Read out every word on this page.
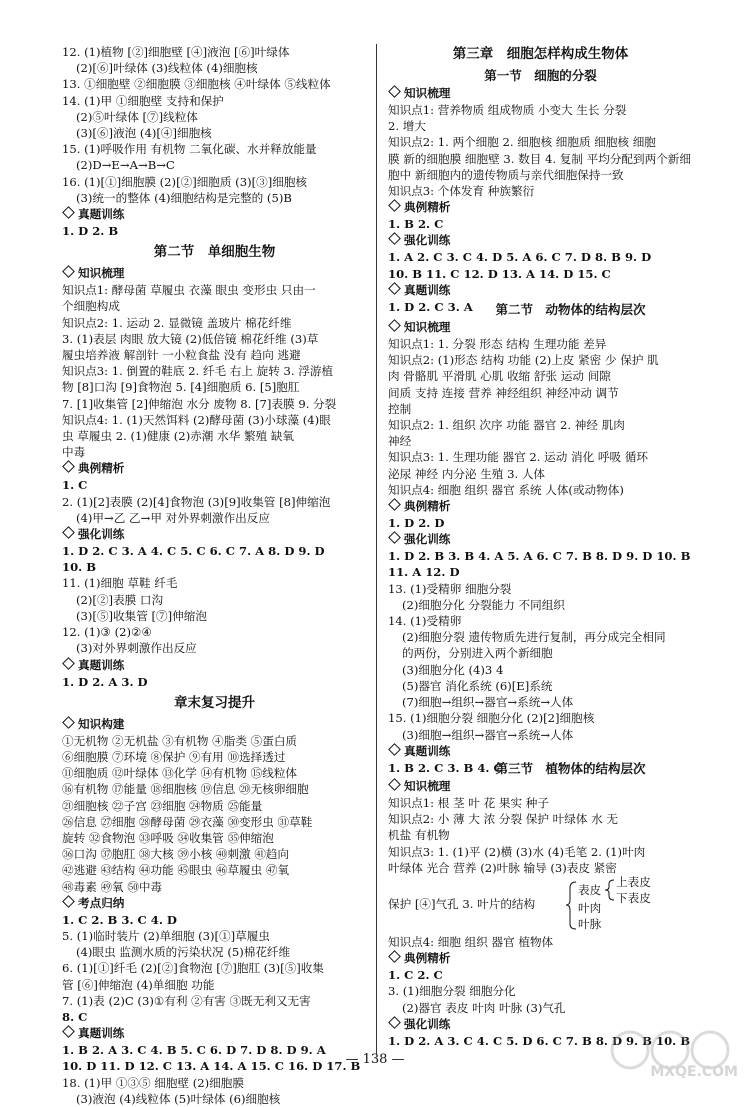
12. (1)植物 [②]细胞壁 [④]液泡 [⑥]叶绿体
(2)[⑥]叶绿体 (3)线粒体 (4)细胞核
13. ①细胞壁 ②细胞膜 ③细胞核 ④叶绿体 ⑤线粒体
14. (1)甲 ①细胞壁 支持和保护
(2)⑤叶绿体 [⑦]线粒体
(3)[⑥]液泡 (4)[④]细胞核
15. (1)呼吸作用 有机物 二氧化碳、水并释放能量
(2)D→E→A→B→C
16. (1)[①]细胞膜 (2)[②]细胞质 (3)[③]细胞核
(3)统一的整体 (4)细胞结构是完整的 (5)B
真题训练
1. D 2. B
第二节　单细胞生物
知识梳理
知识点1: 酵母菌 草履虫 衣藻 眼虫 变形虫 只由一
个细胞构成
知识点2: 1. 运动 2. 显微镜 盖玻片 棉花纤维
3. (1)表层 肉眼 放大镜 (2)低倍镜 棉花纤维 (3)草
履虫培养液 解剖针 一小粒食盐 没有 趋向 逃避
知识点3: 1. 倒置的鞋底 2. 纤毛 右上 旋转 3. 浮游植
物 [8]口沟 [9]食物泡 5. [4]细胞质 6. [5]胞肛
7. [1]收集管 [2]伸缩泡 水分 废物 8. [7]表膜 9. 分裂
知识点4: 1. (1)天然饵料 (2)酵母菌 (3)小球藻 (4)眼
虫 草履虫 2. (1)健康 (2)赤潮 水华 繁殖 缺氧
中毒
典例精析
1. C
2. (1)[2]表膜 (2)[4]食物泡 (3)[9]收集管 [8]伸缩泡
(4)甲→乙 乙→甲 对外界刺激作出反应
强化训练
1. D 2. C 3. A 4. C 5. C 6. C 7. A 8. D 9. D
10. B
11. (1)细胞 草鞋 纤毛
(2)[②]表膜 口沟
(3)[⑤]收集管 [⑦]伸缩泡
12. (1)③ (2)②④
(3)对外界刺激作出反应
真题训练
1. D 2. A 3. D
章末复习提升
知识构建
①无机物 ②无机盐 ③有机物 ④脂类 ⑤蛋白质
⑥细胞膜 ⑦环境 ⑧保护 ⑨有用 ⑩选择透过
⑪细胞质 ⑫叶绿体 ⑬化学 ⑭有机物 ⑮线粒体
⑯有机物 ⑰能量 ⑱细胞核 ⑲信息 ⑳无核卵细胞
㉑细胞核 ㉒子宫 ㉓细胞 ㉔物质 ㉕能量
㉖信息 ㉗细胞 ㉘酵母菌 ㉙衣藻 ㉚变形虫 ㉛草鞋
旋转 ㉜食物泡 ㉝呼吸 ㉞收集管 ㉟伸缩泡
㊱口沟 ㊲胞肛 ㊳大核 ㊴小核 ㊵刺激 ㊶趋向
㊷逃避 ㊸结构 ㊹功能 ㊺眼虫 ㊻草履虫 ㊼氧
㊽毒素 ㊾氧 ㊿中毒
考点归纳
1. C 2. B 3. C 4. D
5. (1)临时装片 (2)单细胞 (3)[①]草履虫
(4)眼虫 监测水质的污染状况 (5)棉花纤维
6. (1)[①]纤毛 (2)[②]食物泡 [⑦]胞肛 (3)[⑤]收集
管 [⑥]伸缩泡 (4)单细胞 功能
7. (1)表 (2)C (3)①有利 ②有害 ③既无利又无害
8. C
真题训练
1. B 2. A 3. C 4. B 5. C 6. D 7. D 8. D 9. A
10. D 11. D 12. C 13. A 14. A 15. C 16. D 17. B
18. (1)甲 ①③⑤ 细胞壁 (2)细胞膜
(3)液泡 (4)线粒体 (5)叶绿体 (6)细胞核
第三章　细胞怎样构成生物体
第一节　细胞的分裂
知识梳理
知识点1: 营养物质 组成物质 小变大 生长 分裂
2. 增大
知识点2: 1. 两个细胞 2. 细胞核 细胞质 细胞核 细胞
膜 新的细胞膜 细胞壁 3. 数目 4. 复制 平均分配到两个新细
胞中 新细胞内的遗传物质与亲代细胞保持一致
知识点3: 个体发育 种族繁衍
典例精析
1. B 2. C
强化训练
1. A 2. C 3. C 4. D 5. A 6. C 7. D 8. B 9. D
10. B 11. C 12. D 13. A 14. D 15. C
真题训练
1. D 2. C 3. A	第二节　动物体的结构层次
知识梳理
知识点1: 1. 分裂 形态 结构 生理功能 差异
知识点2: (1)形态 结构 功能 (2)上皮 紧密 少 保护 肌
肉 骨骼肌 平滑肌 心肌 收缩 舒张 运动 间隙
间质 支持 连接 营养 神经组织 神经冲动 调节
控制
知识点2: 1. 组织 次序 功能 器官 2. 神经 肌肉
神经
知识点3: 1. 生理功能 器官 2. 运动 消化 呼吸 循环
泌尿 神经 内分泌 生殖 3. 人体
知识点4: 细胞 组织 器官 系统 人体(或动物体)
典例精析
1. D 2. D
强化训练
1. D 2. B 3. B 4. A 5. A 6. C 7. B 8. D 9. D 10. B
11. A 12. D
13. (1)受精卵 细胞分裂
(2)细胞分化 分裂能力 不同组织
14. (1)受精卵
(2)细胞分裂 遗传物质先进行复制，再分成完全相同
的两份，分别进入两个新细胞
(3)细胞分化 (4)3 4
(5)器官 消化系统 (6)[E]系统
(7)细胞→组织→器官→系统→人体
15. (1)细胞分裂 细胞分化 (2)[2]细胞核
(3)细胞→组织→器官→系统→人体
真题训练
1. B 2. C 3. B 4. C
第三节　植物体的结构层次
知识梳理
知识点1: 根 茎 叶 花 果实 种子
知识点2: 小 薄 大 浓 分裂 保护 叶绿体 水 无
机盐 有机物
知识点3: 1. (1)平 (2)横 (3)水 (4)毛笔 2. (1)叶肉
叶绿体 光合 营养 (2)叶脉 输导 (3)表皮 紧密
保护 [④]气孔 3. 叶片的结构
表皮
上表皮
下表皮
叶肉
叶脉
知识点4: 细胞 组织 器官 植物体
典例精析
1. C 2. C
3. (1)细胞分裂 细胞分化
(2)器官 表皮 叶肉 叶脉 (3)气孔
强化训练
1. D 2. A 3. C 4. C 5. D 6. C 7. B 8. D 9. B 10. B
— 138 —
MXQE.COM
